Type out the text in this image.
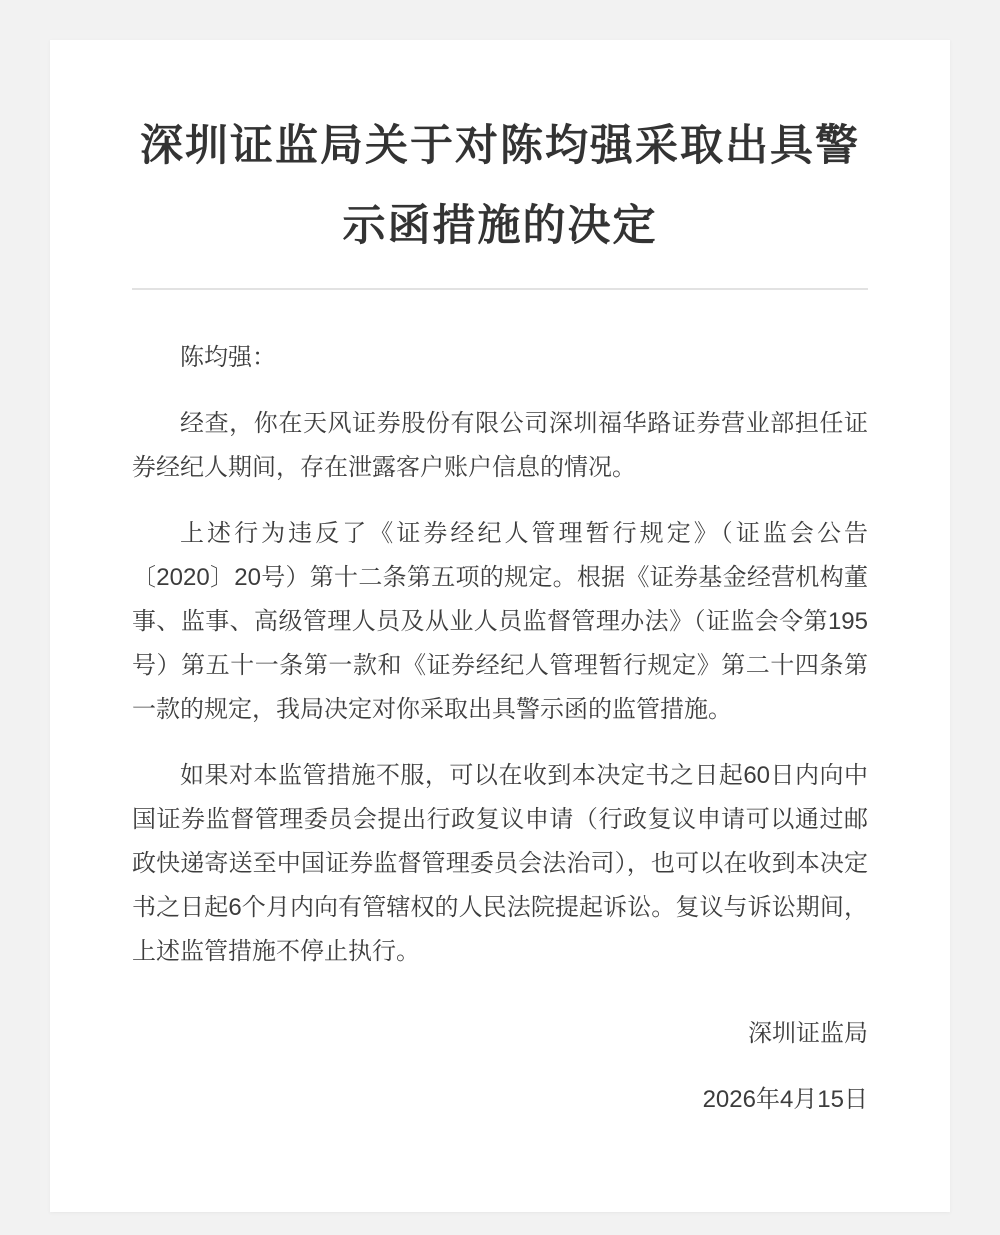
深圳证监局关于对陈均强采取出具警
示函措施的决定

陈均强：

经查，你在天风证券股份有限公司深圳福华路证券营业部担任证券经纪人期间，存在泄露客户账户信息的情况。

上述行为违反了《证券经纪人管理暂行规定》（证监会公告〔2020〕20号）第十二条第五项的规定。根据《证券基金经营机构董事、监事、高级管理人员及从业人员监督管理办法》（证监会令第195号）第五十一条第一款和《证券经纪人管理暂行规定》第二十四条第一款的规定，我局决定对你采取出具警示函的监管措施。

如果对本监管措施不服，可以在收到本决定书之日起60日内向中国证券监督管理委员会提出行政复议申请（行政复议申请可以通过邮政快递寄送至中国证券监督管理委员会法治司），也可以在收到本决定书之日起6个月内向有管辖权的人民法院提起诉讼。复议与诉讼期间，上述监管措施不停止执行。

深圳证监局

2026年4月15日
